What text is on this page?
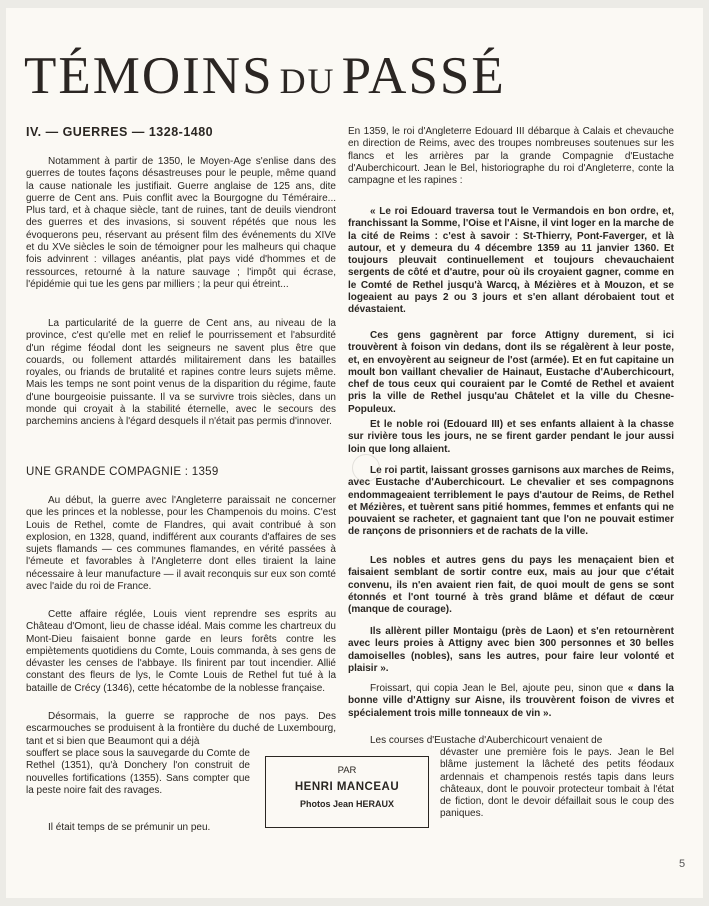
TÉMOINS DU PASSÉ
IV. — GUERRES — 1328-1480

Notamment à partir de 1350, le Moyen-Age s'enlise dans des guerres de toutes façons désastreuses pour le peuple, même quand la cause nationale les justifiait. Guerre anglaise de 125 ans, dite guerre de Cent ans. Puis conflit avec la Bourgogne du Téméraire... Plus tard, et à chaque siècle, tant de ruines, tant de deuils viendront des guerres et des invasions, si souvent répétés que nous les évoquerons peu, réservant au présent film des événements du XIVe et du XVe siècles le soin de témoigner pour les malheurs qui chaque fois advinrent : villages anéantis, plat pays vidé d'hommes et de ressources, retourné à la nature sauvage ; l'impôt qui écrase, l'épidémie qui tue les gens par milliers ; la peur qui étreint...

La particularité de la guerre de Cent ans, au niveau de la province, c'est qu'elle met en relief le pourrissement et l'absurdité d'un régime féodal dont les seigneurs ne savent plus être que couards, ou follement attardés militairement dans les batailles royales, ou friands de brutalité et rapines contre leurs sujets même. Mais les temps ne sont point venus de la disparition du régime, faute d'une bourgeoisie puissante. Il va se survivre trois siècles, dans un monde qui croyait à la stabilité éternelle, avec le secours des parchemins anciens à l'égard desquels il n'était pas permis d'innover.

UNE GRANDE COMPAGNIE : 1359

Au début, la guerre avec l'Angleterre paraissait ne concerner que les princes et la noblesse, pour les Champenois du moins. C'est Louis de Rethel, comte de Flandres, qui avait contribué à son explosion, en 1328, quand, indifférent aux courants d'affaires de ses sujets flamands — ces communes flamandes, en vérité passées à l'émeute et favorables à l'Angleterre dont elles tiraient la laine nécessaire à leur manufacture — il avait reconquis sur eux son comté avec l'aide du roi de France.

Cette affaire réglée, Louis vient reprendre ses esprits au Château d'Omont, lieu de chasse idéal. Mais comme les chartreux du Mont-Dieu faisaient bonne garde en leurs forêts contre les empiètements quotidiens du Comte, Louis commanda, à ses gens de dévaster les censes de l'abbaye. Ils finirent par tout incendier. Allié constant des fleurs de lys, le Comte Louis de Rethel fut tué à la bataille de Crécy (1346), cette hécatombe de la noblesse française.

Désormais, la guerre se rapproche de nos pays. Des escarmouches se produisent à la frontière du duché de Luxembourg, tant et si bien que Beaumont qui a déjà

souffert se place sous la sauvegarde du Comte de Rethel (1351), qu'à Donchery l'on construit de nouvelles fortifications (1355). Sans compter que la peste noire fait des ravages.

Il était temps de se prémunir un peu.

En 1359, le roi d'Angleterre Edouard III débarque à Calais et chevauche en direction de Reims, avec des troupes nombreuses soutenues sur les flancs et les arrières par la grande Compagnie d'Eustache d'Auberchicourt. Jean le Bel, historiographe du roi d'Angleterre, conte la campagne et les rapines :

« Le roi Edouard traversa tout le Vermandois en bon ordre, et, franchissant la Somme, l'Oise et l'Aisne, il vint loger en la marche de la cité de Reims : c'est à savoir : St-Thierry, Pont-Faverger, et là autour, et y demeura du 4 décembre 1359 au 11 janvier 1360. Et toujours pleuvait continuellement et toujours chevauchaient sergents de côté et d'autre, pour où ils croyaient gagner, comme en le Comté de Rethel jusqu'à Warcq, à Mézières et à Mouzon, et se logeaient au pays 2 ou 3 jours et s'en allant dérobaient tout et dévastaient.

Ces gens gagnèrent par force Attigny durement, si ici trouvèrent à foison vin dedans, dont ils se régalèrent à leur poste, et, en envoyèrent au seigneur de l'ost (armée). Et en fut capitaine un moult bon vaillant chevalier de Hainaut, Eustache d'Auberchicourt, chef de tous ceux qui couraient par le Comté de Rethel et avaient pris la ville de Rethel jusqu'au Châtelet et la ville du Chesne-Populeux.

Et le noble roi (Edouard III) et ses enfants allaient à la chasse sur rivière tous les jours, ne se firent garder pendant le jour aussi loin que long allaient.

Le roi partit, laissant grosses garnisons aux marches de Reims, avec Eustache d'Auberchicourt. Le chevalier et ses compagnons endommageaient terriblement le pays d'autour de Reims, de Rethel et Mézières, et tuèrent sans pitié hommes, femmes et enfants qui ne pouvaient se racheter, et gagnaient tant que l'on ne pouvait estimer de rançons de prisonniers et de rachats de la ville.

Les nobles et autres gens du pays les menaçaient bien et faisaient semblant de sortir contre eux, mais au jour que c'était convenu, ils n'en avaient rien fait, de quoi moult de gens se sont étonnés et l'ont tourné à très grand blâme et défaut de cœur (manque de courage).

Ils allèrent piller Montaigu (près de Laon) et s'en retournèrent avec leurs proies à Attigny avec bien 300 personnes et 30 belles damoiselles (nobles), sans les autres, pour faire leur volonté et plaisir ».

Froissart, qui copia Jean le Bel, ajoute peu, sinon que « dans la bonne ville d'Attigny sur Aisne, ils trouvèrent foison de vivres et spécialement trois mille tonneaux de vin ».

Les courses d'Eustache d'Auberchicourt venaient de

dévaster une première fois le pays. Jean le Bel blâme justement la lâcheté des petits féodaux ardennais et champenois restés tapis dans leurs châteaux, dont le pouvoir protecteur tombait à l'état de fiction, dont le devoir défaillait sous le coup des paniques.

PAR
HENRI MANCEAU
Photos Jean HERAUX
5
